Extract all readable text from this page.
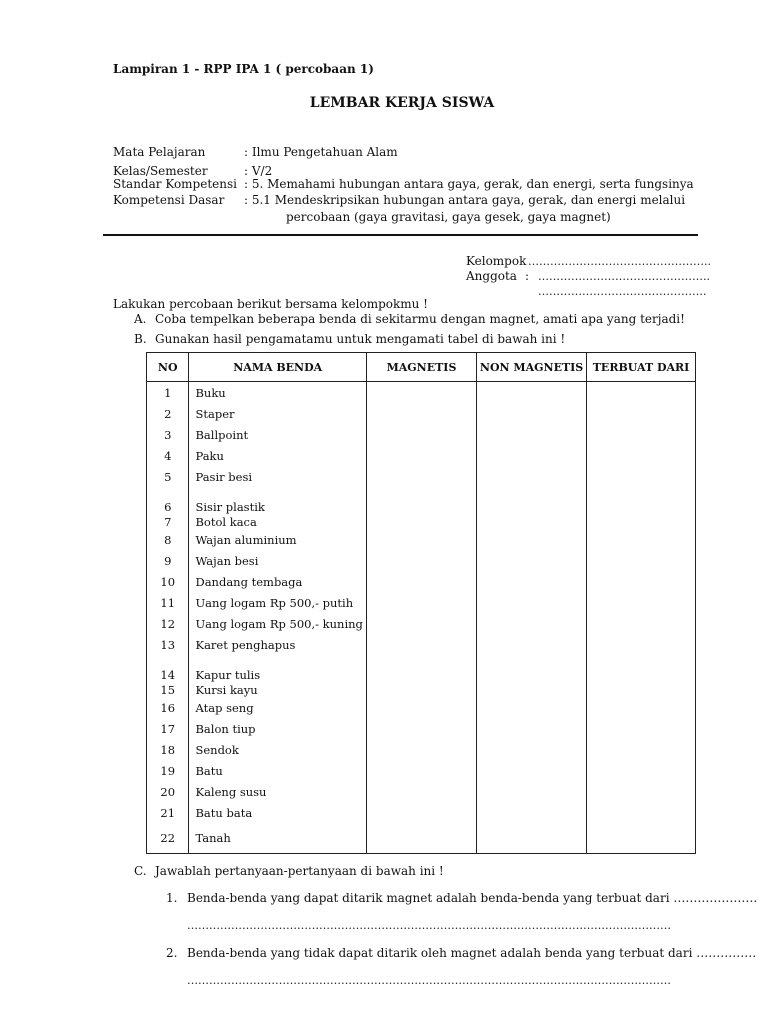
Lampiran 1 - RPP IPA 1 ( percobaan 1)
LEMBAR KERJA SISWA
Mata Pelajaran	: Ilmu Pengetahuan Alam
Kelas/Semester	: V/2
Standar Kompetensi : 5. Memahami hubungan antara gaya, gerak, dan energi, serta fungsinya
Kompetensi Dasar : 5.1 Mendeskripsikan hubungan antara gaya, gerak, dan energi melalui
percobaan (gaya gravitasi, gaya gesek, gaya magnet)
Kelompok …………………………………………..
Anggota : ………………………………………..
……………………………………….
Lakukan percobaan berikut bersama kelompokmu !
A. Coba tempelkan beberapa benda di sekitarmu dengan magnet, amati apa yang terjadi!
B. Gunakan hasil pengamatamu untuk mengamati tabel di bawah ini !
NO	NAMA BENDA	MAGNETIS	NON MAGNETIS	TERBUAT DARI
1	Buku			
2	Staper			
3	Ballpoint			
4	Paku			
5	Pasir besi			
6	Sisir plastik			
7	Botol kaca			
8	Wajan aluminium			
9	Wajan besi			
10	Dandang tembaga			
11	Uang logam Rp 500,- putih			
12	Uang logam Rp 500,- kuning			
13	Karet penghapus			
14	Kapur tulis			
15	Kursi kayu			
16	Atap seng			
17	Balon tiup			
18	Sendok			
19	Batu			
20	Kaleng susu			
21	Batu bata			
22	Tanah			
C. Jawablah pertanyaan-pertanyaan di bawah ini !
1. Benda-benda yang dapat ditarik magnet adalah benda-benda yang terbuat dari …………………
……………………………………………………………………………………………………………………
2. Benda-benda yang tidak dapat ditarik oleh magnet adalah benda yang terbuat dari ……………
……………………………………………………………………………………………………………………
